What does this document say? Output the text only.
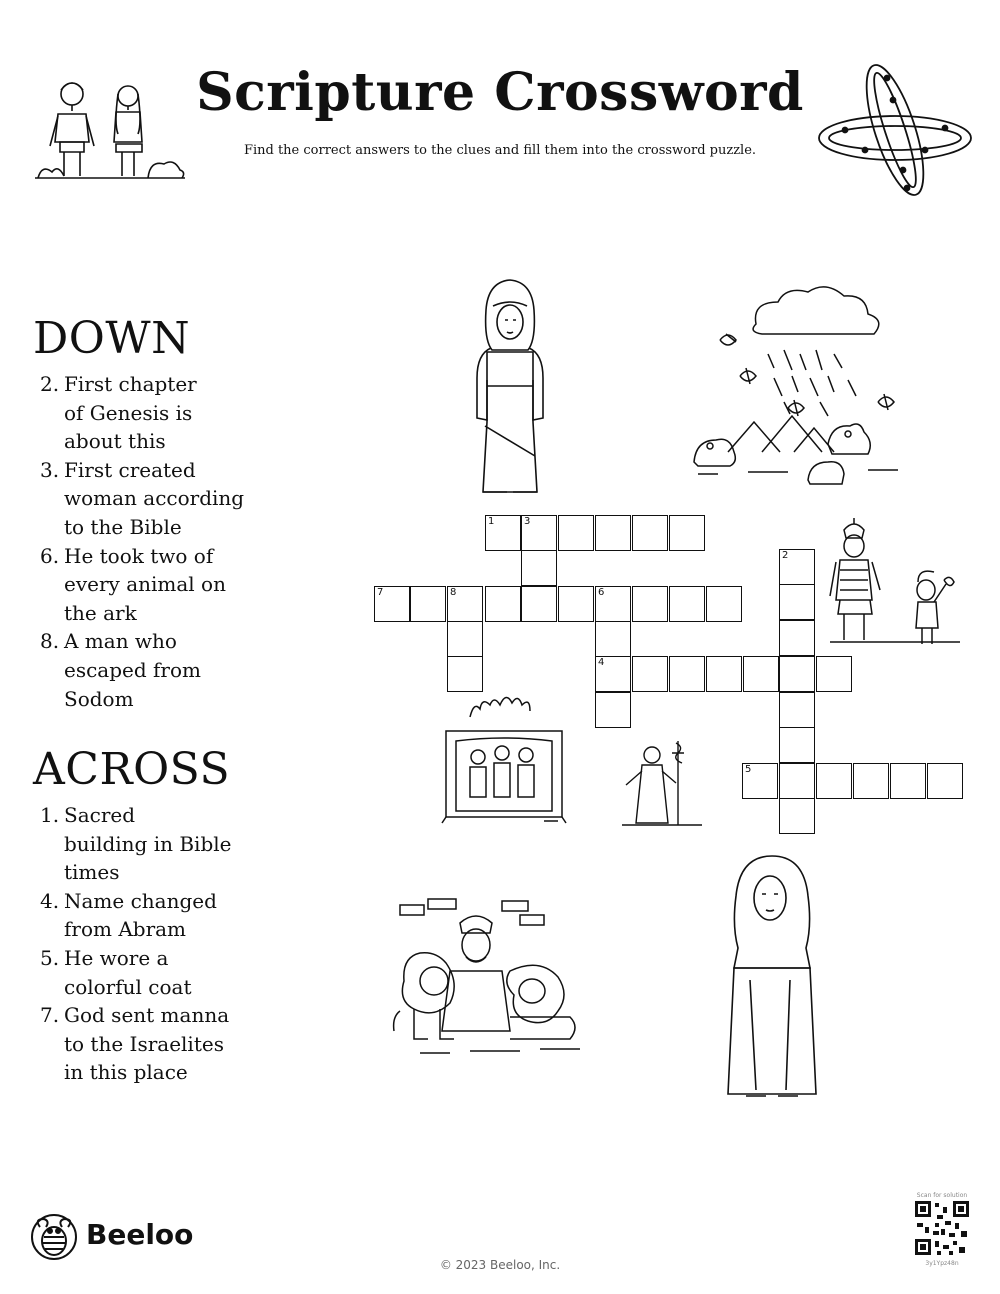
Scripture Crossword
Find the correct answers to the clues and fill them into the crossword puzzle.
DOWN
2. First chapter
of Genesis is
about this
3. First created
woman according
to the Bible
6. He took two of
every animal on
the ark
8. A man who
escaped from
Sodom
ACROSS
1. Sacred
building in Bible
times
4. Name changed
from Abram
5. He wore a
colorful coat
7. God sent manna
to the Israelites
in this place
1	3
7	8	6
4
2
5
Beeloo
© 2023 Beeloo, Inc.
Scan for solution
3y1Ypz48n
